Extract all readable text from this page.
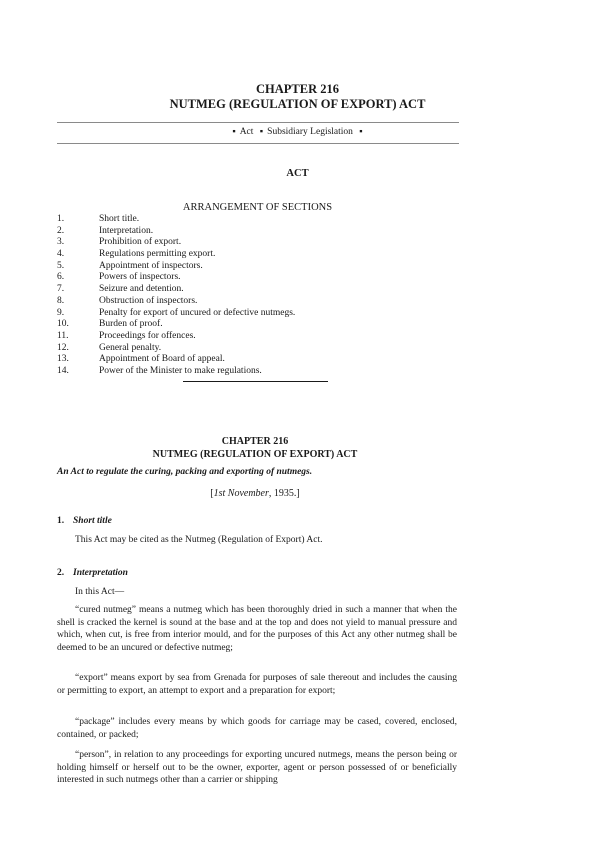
CHAPTER 216
NUTMEG (REGULATION OF EXPORT) ACT
▪ Act ▪ Subsidiary Legislation ▪
ACT
ARRANGEMENT OF SECTIONS
1.	Short title.
2.	Interpretation.
3.	Prohibition of export.
4.	Regulations permitting export.
5.	Appointment of inspectors.
6.	Powers of inspectors.
7.	Seizure and detention.
8.	Obstruction of inspectors.
9.	Penalty for export of uncured or defective nutmegs.
10.	Burden of proof.
11.	Proceedings for offences.
12.	General penalty.
13.	Appointment of Board of appeal.
14.	Power of the Minister to make regulations.
CHAPTER 216
NUTMEG (REGULATION OF EXPORT) ACT
An Act to regulate the curing, packing and exporting of nutmegs.
[1st November, 1935.]
1. Short title
This Act may be cited as the Nutmeg (Regulation of Export) Act.
2. Interpretation
In this Act—
“cured nutmeg” means a nutmeg which has been thoroughly dried in such a manner that when the shell is cracked the kernel is sound at the base and at the top and does not yield to manual pressure and which, when cut, is free from interior mould, and for the purposes of this Act any other nutmeg shall be deemed to be an uncured or defective nutmeg;
“export” means export by sea from Grenada for purposes of sale thereout and includes the causing or permitting to export, an attempt to export and a preparation for export;
“package” includes every means by which goods for carriage may be cased, covered, enclosed, contained, or packed;
“person”, in relation to any proceedings for exporting uncured nutmegs, means the person being or holding himself or herself out to be the owner, exporter, agent or person possessed of or beneficially interested in such nutmegs other than a carrier or shipping
